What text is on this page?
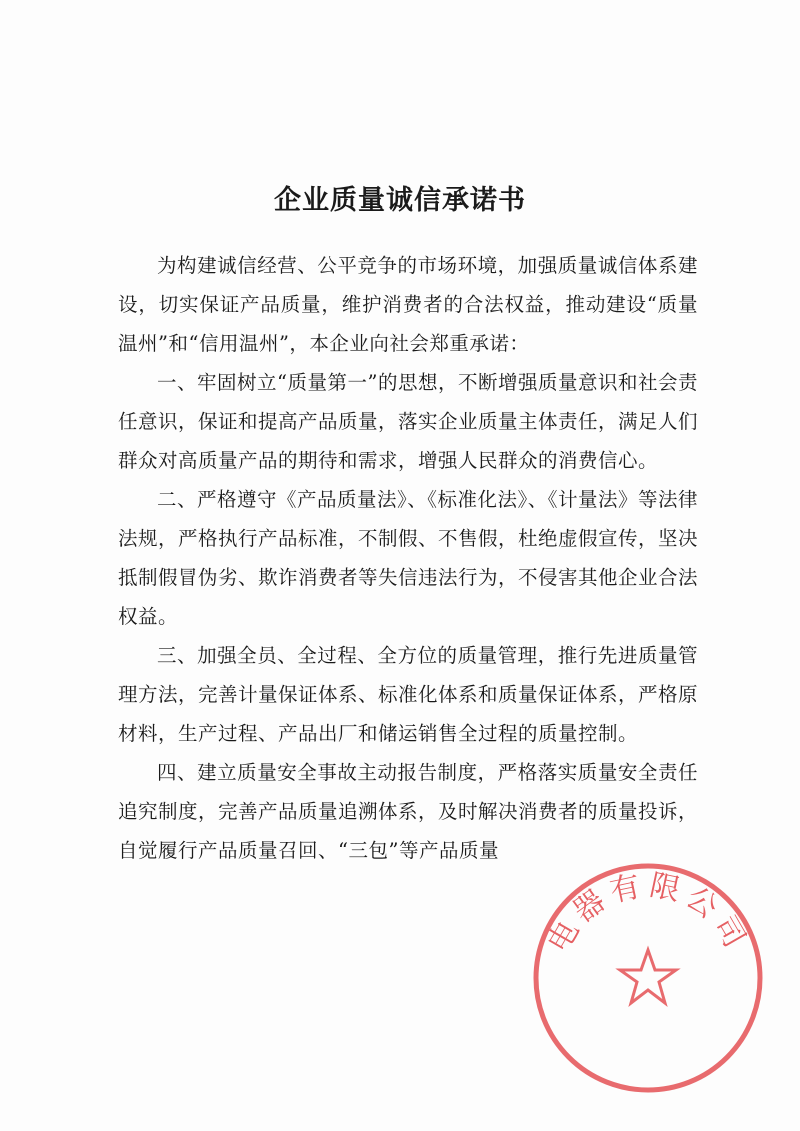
企业质量诚信承诺书

为构建诚信经营、公平竞争的市场环境，加强质量诚信体系建设，切实保证产品质量，维护消费者的合法权益，推动建设“质量温州”和“信用温州”，本企业向社会郑重承诺：

一、牢固树立“质量第一”的思想，不断增强质量意识和社会责任意识，保证和提高产品质量，落实企业质量主体责任，满足人们群众对高质量产品的期待和需求，增强人民群众的消费信心。

二、严格遵守《产品质量法》、《标准化法》、《计量法》等法律法规，严格执行产品标准，不制假、不售假，杜绝虚假宣传，坚决抵制假冒伪劣、欺诈消费者等失信违法行为，不侵害其他企业合法权益。

三、加强全员、全过程、全方位的质量管理，推行先进质量管理方法，完善计量保证体系、标准化体系和质量保证体系，严格原材料，生产过程、产品出厂和储运销售全过程的质量控制。

四、建立质量安全事故主动报告制度，严格落实质量安全责任追究制度，完善产品质量追溯体系，及时解决消费者的质量投诉，自觉履行产品质量召回、“三包”等产品质量

电器有限公司
